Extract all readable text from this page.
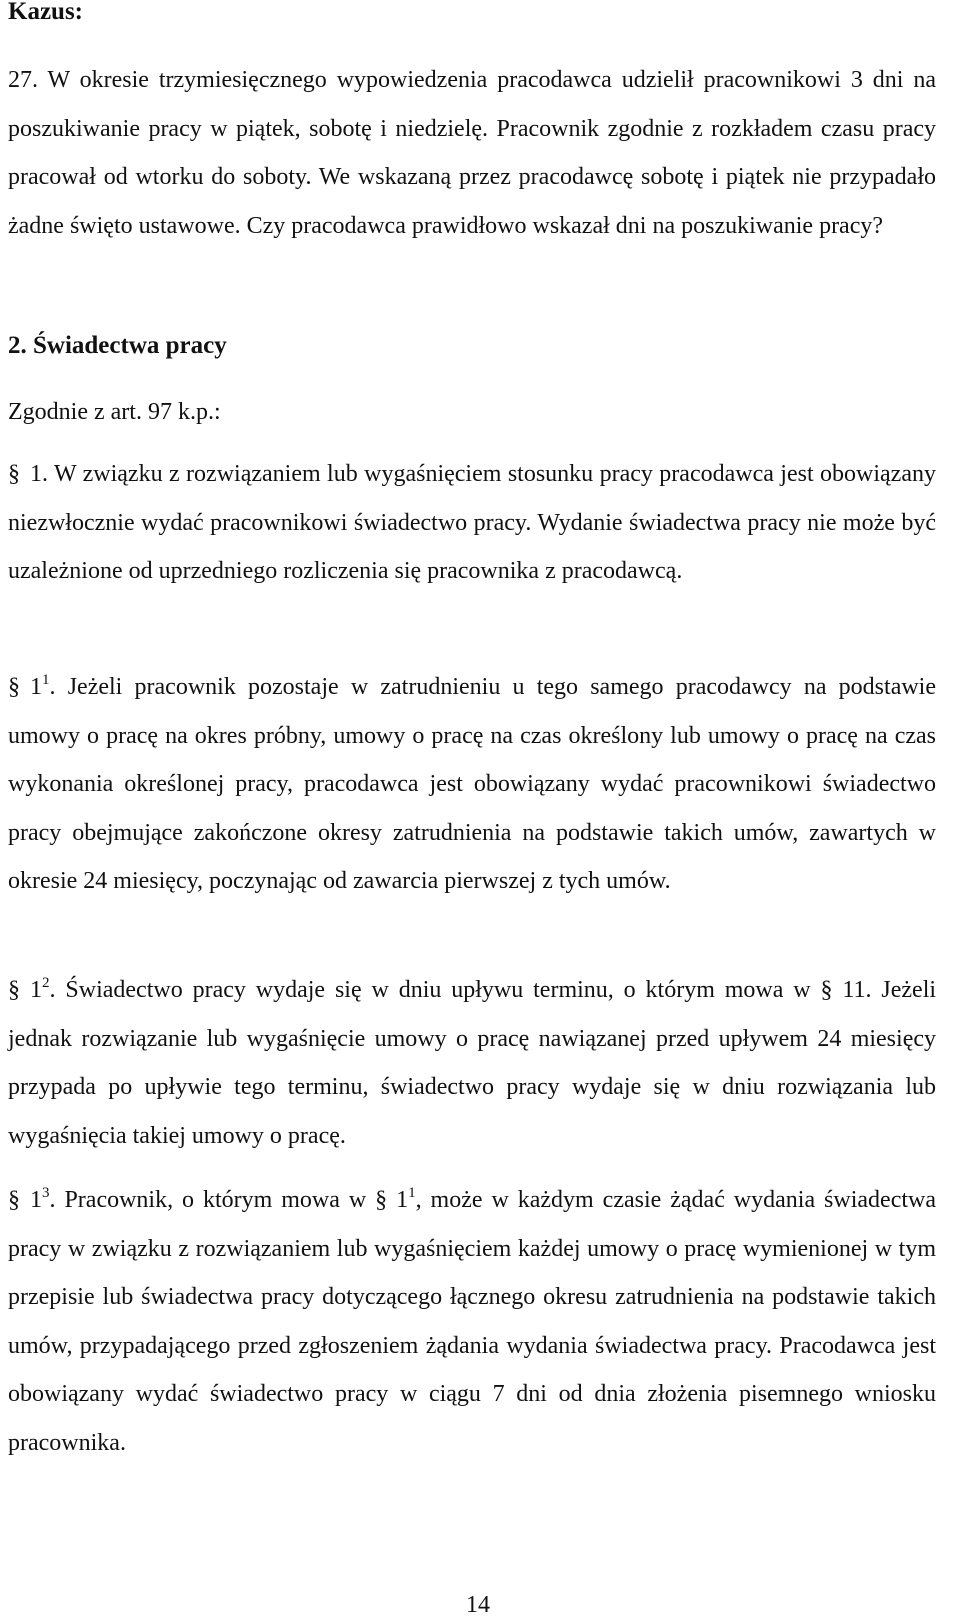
Kazus:

27. W okresie trzymiesięcznego wypowiedzenia pracodawca udzielił pracownikowi 3 dni na poszukiwanie pracy w piątek, sobotę i niedzielę. Pracownik zgodnie z rozkładem czasu pracy pracował od wtorku do soboty. We wskazaną przez pracodawcę sobotę i piątek nie przypadało żadne święto ustawowe. Czy pracodawca prawidłowo wskazał dni na poszukiwanie pracy?

2. Świadectwa pracy

Zgodnie z art. 97 k.p.:

§ 1. W związku z rozwiązaniem lub wygaśnięciem stosunku pracy pracodawca jest obowiązany niezwłocznie wydać pracownikowi świadectwo pracy. Wydanie świadectwa pracy nie może być uzależnione od uprzedniego rozliczenia się pracownika z pracodawcą.

§ $1^1$. Jeżeli pracownik pozostaje w zatrudnieniu u tego samego pracodawcy na podstawie umowy o pracę na okres próbny, umowy o pracę na czas określony lub umowy o pracę na czas wykonania określonej pracy, pracodawca jest obowiązany wydać pracownikowi świadectwo pracy obejmujące zakończone okresy zatrudnienia na podstawie takich umów, zawartych w okresie 24 miesięcy, poczynając od zawarcia pierwszej z tych umów.

§ $1^2$. Świadectwo pracy wydaje się w dniu upływu terminu, o którym mowa w § 11. Jeżeli jednak rozwiązanie lub wygaśnięcie umowy o pracę nawiązanej przed upływem 24 miesięcy przypada po upływie tego terminu, świadectwo pracy wydaje się w dniu rozwiązania lub wygaśnięcia takiej umowy o pracę.

§ $1^3$. Pracownik, o którym mowa w § $1^1$, może w każdym czasie żądać wydania świadectwa pracy w związku z rozwiązaniem lub wygaśnięciem każdej umowy o pracę wymienionej w tym przepisie lub świadectwa pracy dotyczącego łącznego okresu zatrudnienia na podstawie takich umów, przypadającego przed zgłoszeniem żądania wydania świadectwa pracy. Pracodawca jest obowiązany wydać świadectwo pracy w ciągu 7 dni od dnia złożenia pisemnego wniosku pracownika.

14
